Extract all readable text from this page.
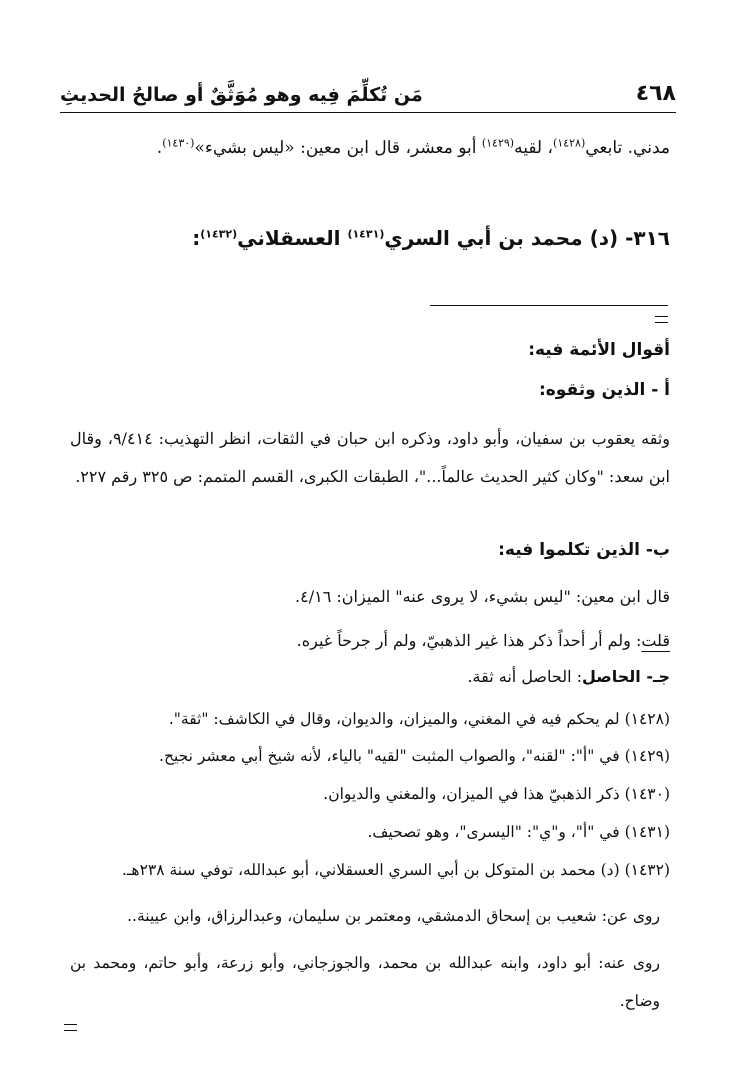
٤٦٨
مَن تُكلِّمَ فِيه وهو مُوَثَّقٌ أو صالحُ الحديثِ
مدني. تابعي$^{(١٤٢٨)}$، لقيه$^{(١٤٢٩)}$ أبو معشر، قال ابن معين: «ليس بشيء»$^{(١٤٣٠)}$.
٣١٦- (د) محمد بن أبي السري$^{(١٤٣١)}$ العسقلاني$^{(١٤٣٢)}$:
أقوال الأئمة فيه:
أ - الذين وثقوه:
وثقه يعقوب بن سفيان، وأبو داود، وذكره ابن حبان في الثقات، انظر التهذيب: ٩/٤١٤، وقال ابن سعد: "وكان كثير الحديث عالماً..."، الطبقات الكبرى، القسم المتمم: ص ٣٢٥ رقم ٢٢٧.
ب- الذين تكلموا فيه:
قال ابن معين: "ليس بشيء، لا يروى عنه" الميزان: ٤/١٦.
قلت: ولم أر أحداً ذكر هذا غير الذهبيّ، ولم أر جرحاً غيره.
جـ- الحاصل: الحاصل أنه ثقة.
(١٤٢٨) لم يحكم فيه في المغني، والميزان، والديوان، وقال في الكاشف: "ثقة".
(١٤٢٩) في "أ": "لقنه"، والصواب المثبت "لقيه" بالياء، لأنه شيخ أبي معشر نجيح.
(١٤٣٠) ذكر الذهبيّ هذا في الميزان، والمغني والديوان.
(١٤٣١) في "أ"، و"ي": "اليسرى"، وهو تصحيف.
(١٤٣٢) (د) محمد بن المتوكل بن أبي السري العسقلاني، أبو عبدالله، توفي سنة ٢٣٨هـ.
روى عن: شعيب بن إسحاق الدمشقي، ومعتمر بن سليمان، وعبدالرزاق، وابن عيينة..
روى عنه: أبو داود، وابنه عبدالله بن محمد، والجوزجاني، وأبو زرعة، وأبو حاتم، ومحمد بن وضاح.
